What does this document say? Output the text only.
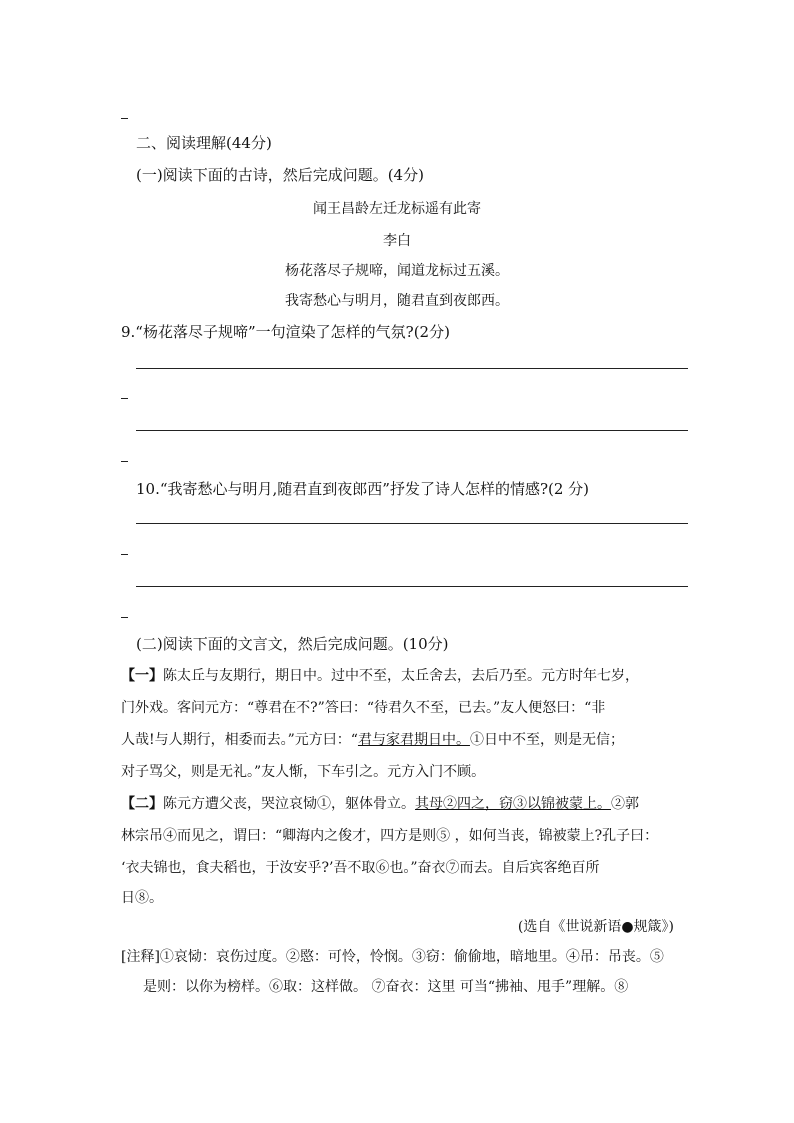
二、阅读理解(44分)
(一)阅读下面的古诗，然后完成问题。(4分)
闻王昌龄左迁龙标遥有此寄
李白
杨花落尽子规啼，闻道龙标过五溪。
我寄愁心与明月，随君直到夜郎西。
9.“杨花落尽子规啼”一句渲染了怎样的气氛?(2分)
10.“我寄愁心与明月,随君直到夜郎西”抒发了诗人怎样的情感?(2 分)
(二)阅读下面的文言文，然后完成问题。(10分)
【一】陈太丘与友期行，期日中。过中不至，太丘舍去，去后乃至。元方时年七岁，
门外戏。客问元方：“尊君在不?”答曰：“待君久不至，已去。”友人便怒曰：“非
人哉!与人期行，相委而去。”元方曰：“君与家君期日中。①日中不至，则是无信；
对子骂父，则是无礼。”友人惭，下车引之。元方入门不顾。
【二】陈元方遭父丧，哭泣哀恸①，躯体骨立。其母②四之，窃③以锦被蒙上。②郭
林宗吊④而见之，谓曰：“卿海内之俊才，四方是则⑤ ，如何当丧，锦被蒙上?孔子曰：
‘衣夫锦也，食夫稻也，于汝安乎?’吾不取⑥也。”奋衣⑦而去。自后宾客绝百所
日⑧。
(选自《世说新语●规箴》)
[注释]①哀恸：哀伤过度。②愍：可怜，怜悯。③窃：偷偷地，暗地里。④吊：吊丧。⑤
是则：以你为榜样。⑥取：这样做。 ⑦奋衣：这里 可当“拂袖、甩手”理解。⑧
